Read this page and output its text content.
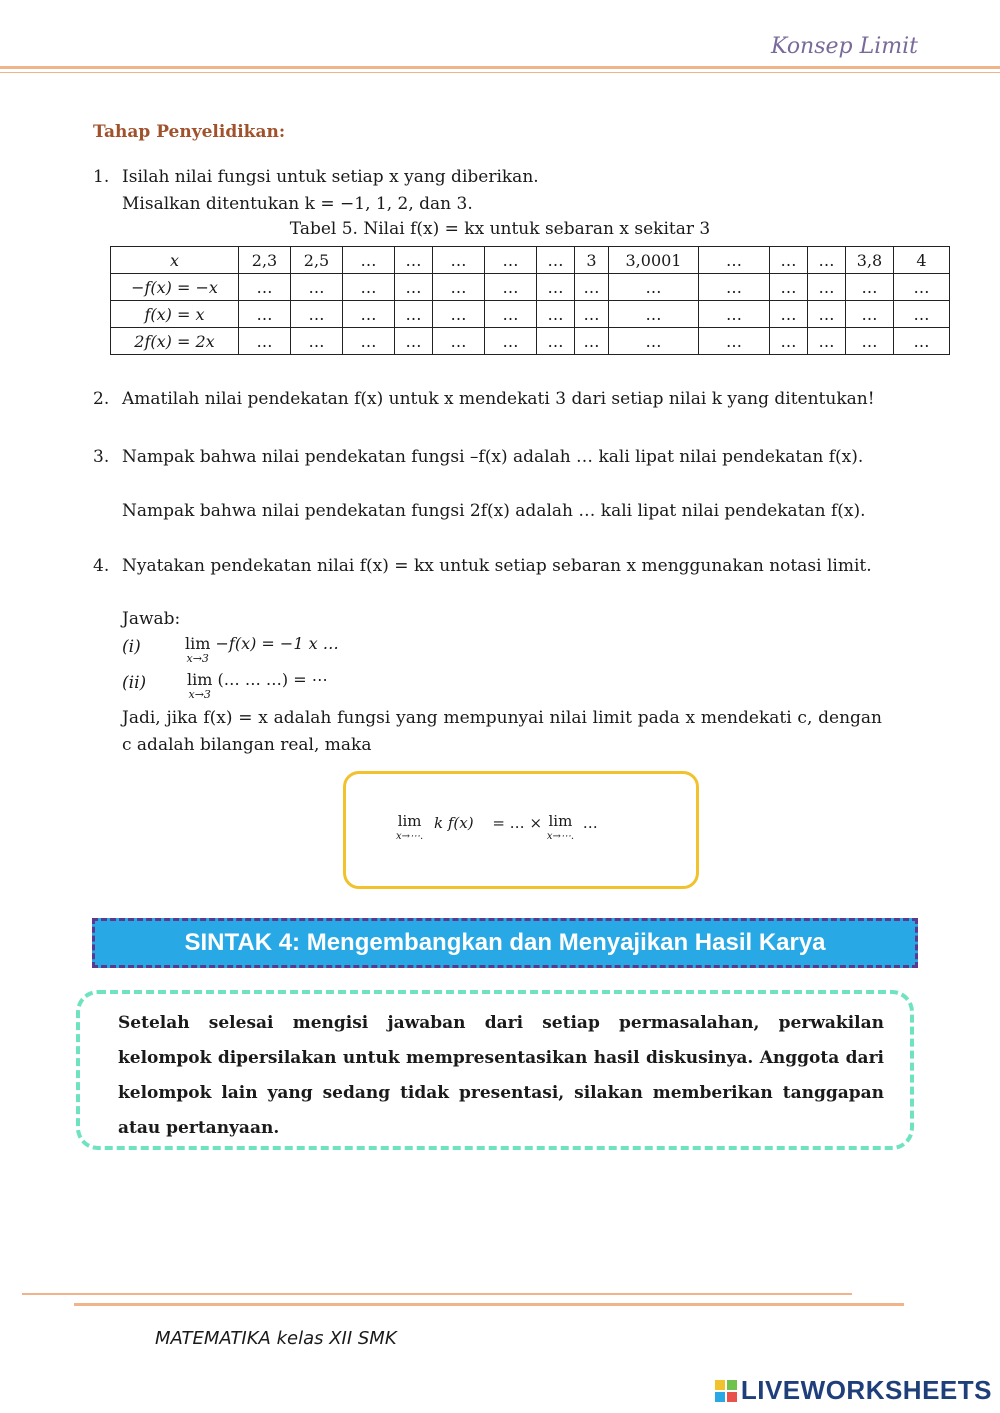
Konsep Limit
Tahap Penyelidikan:
1. Isilah nilai fungsi untuk setiap x yang diberikan.
Misalkan ditentukan k = −1, 1, 2, dan 3.
Tabel 5. Nilai f(x) = kx untuk sebaran x sekitar 3
x	2,3	2,5	…	…	…	…	…	3	3,0001	…	…	…	3,8	4
−f(x) = −x	…	…	…	…	…	…	…	…	…	…	…	…	…	…
f(x) = x	…	…	…	…	…	…	…	…	…	…	…	…	…	…
2f(x) = 2x	…	…	…	…	…	…	…	…	…	…	…	…	…	…
2. Amatilah nilai pendekatan f(x) untuk x mendekati 3 dari setiap nilai k yang ditentukan!
3. Nampak bahwa nilai pendekatan fungsi –f(x) adalah … kali lipat nilai pendekatan f(x).
Nampak bahwa nilai pendekatan fungsi 2f(x) adalah … kali lipat nilai pendekatan f(x).
4. Nyatakan pendekatan nilai f(x) = kx untuk setiap sebaran x menggunakan notasi limit.
Jawab:
(i)	lim
x→3
−f(x) = −1 x …
(ii)	lim
x→3
(… … …) = ⋯
Jadi, jika f(x) = x adalah fungsi yang mempunyai nilai limit pada x mendekati c, dengan c adalah bilangan real, maka
lim
x→⋯.
k f(x) = … × lim
x→⋯.
…
SINTAK 4: Mengembangkan dan Menyajikan Hasil Karya
Setelah selesai mengisi jawaban dari setiap permasalahan, perwakilan kelompok dipersilakan untuk mempresentasikan hasil diskusinya. Anggota dari kelompok lain yang sedang tidak presentasi, silakan memberikan tanggapan atau pertanyaan.
MATEMATIKA kelas XII SMK
LIVEWORKSHEETS
